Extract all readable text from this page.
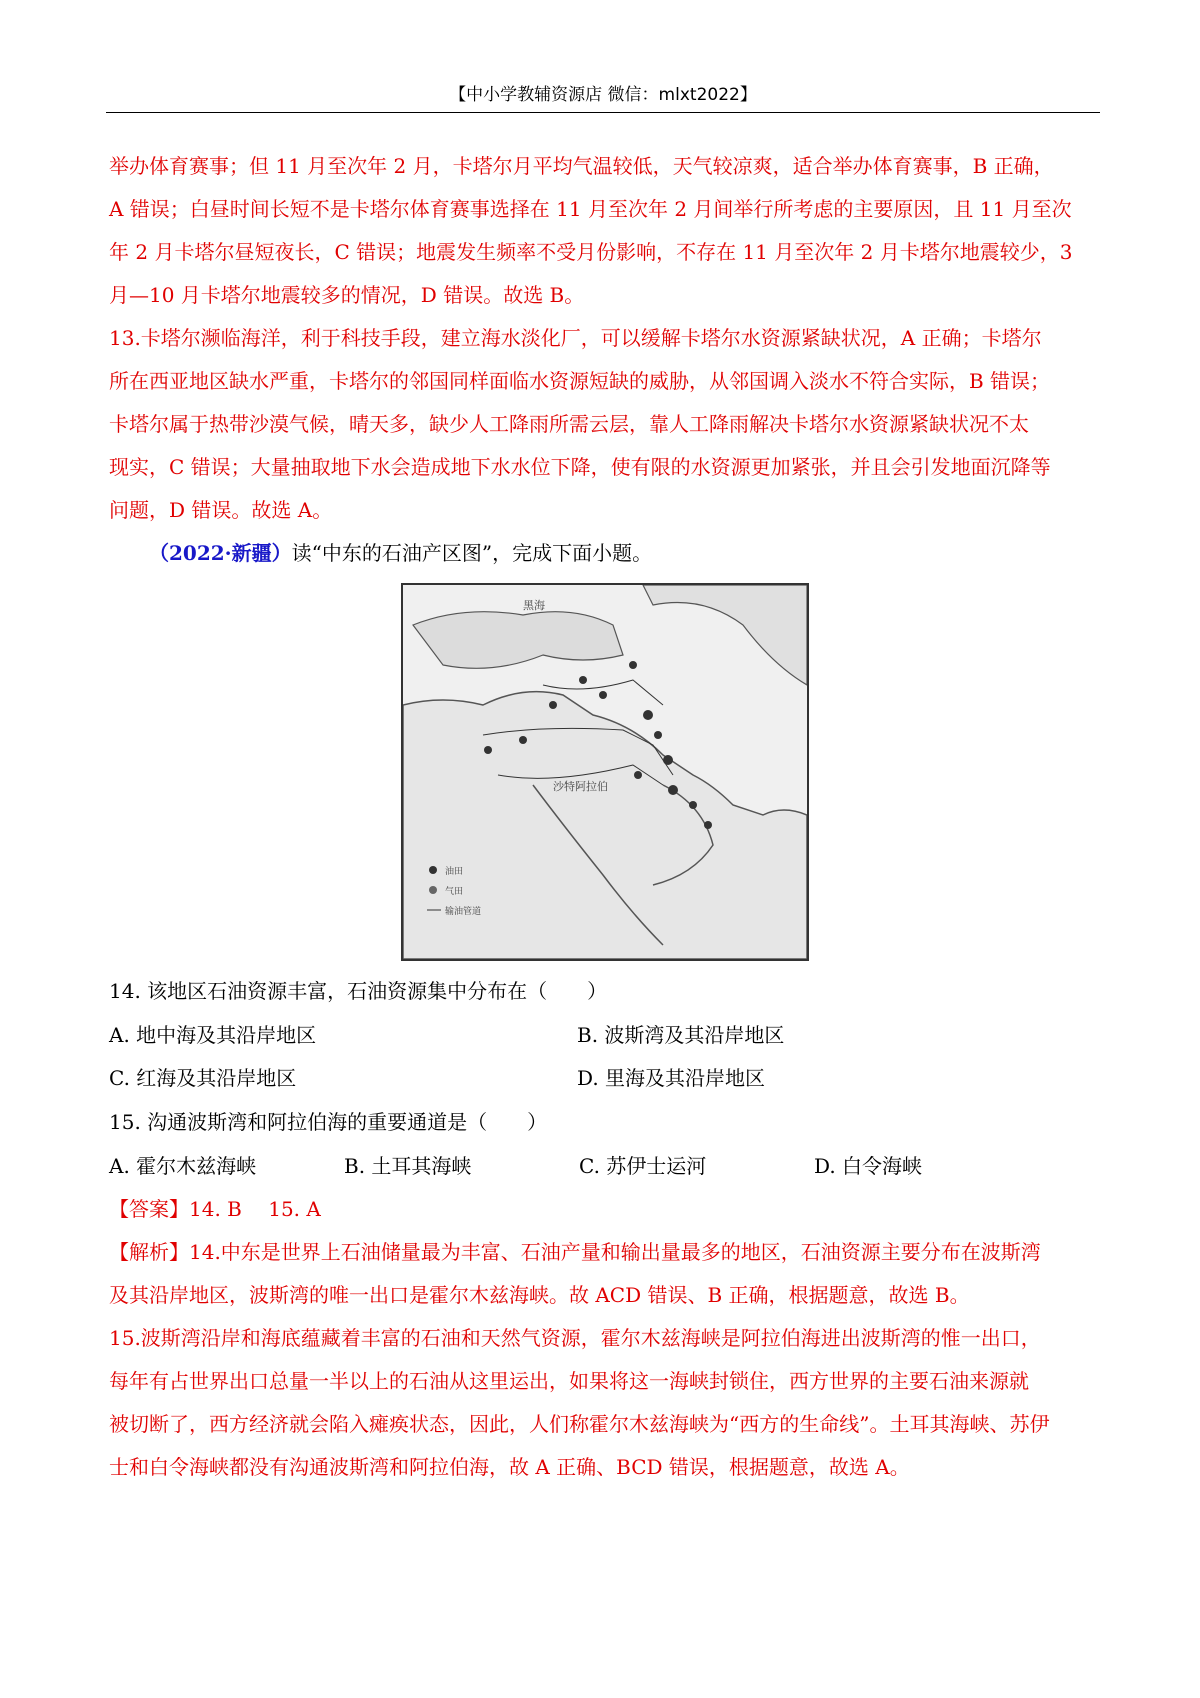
【中小学教辅资源店 微信：mlxt2022】

举办体育赛事；但 11 月至次年 2 月，卡塔尔月平均气温较低，天气较凉爽，适合举办体育赛事，B 正确，

A 错误；白昼时间长短不是卡塔尔体育赛事选择在 11 月至次年 2 月间举行所考虑的主要原因，且 11 月至次

年 2 月卡塔尔昼短夜长，C 错误；地震发生频率不受月份影响，不存在 11 月至次年 2 月卡塔尔地震较少，3

月—10 月卡塔尔地震较多的情况，D 错误。故选 B。

13.卡塔尔濒临海洋，利于科技手段，建立海水淡化厂，可以缓解卡塔尔水资源紧缺状况，A 正确；卡塔尔

所在西亚地区缺水严重，卡塔尔的邻国同样面临水资源短缺的威胁，从邻国调入淡水不符合实际，B 错误；

卡塔尔属于热带沙漠气候，晴天多，缺少人工降雨所需云层，靠人工降雨解决卡塔尔水资源紧缺状况不太

现实，C 错误；大量抽取地下水会造成地下水水位下降，使有限的水资源更加紧张，并且会引发地面沉降等

问题，D 错误。故选 A。

（2022·新疆）读“中东的石油产区图”，完成下面小题。

黑海
沙特阿拉伯
油田
气田
输油管道

14. 该地区石油资源丰富，石油资源集中分布在（　　）

A. 地中海及其沿岸地区	B. 波斯湾及其沿岸地区
C. 红海及其沿岸地区	D. 里海及其沿岸地区

15. 沟通波斯湾和阿拉伯海的重要通道是（　　）

A. 霍尔木兹海峡	B. 土耳其海峡	C. 苏伊士运河	D. 白令海峡

【答案】14. B　 15. A

【解析】14.中东是世界上石油储量最为丰富、石油产量和输出量最多的地区，石油资源主要分布在波斯湾

及其沿岸地区，波斯湾的唯一出口是霍尔木兹海峡。故 ACD 错误、B 正确，根据题意，故选 B。

15.波斯湾沿岸和海底蕴藏着丰富的石油和天然气资源，霍尔木兹海峡是阿拉伯海进出波斯湾的惟一出口，

每年有占世界出口总量一半以上的石油从这里运出，如果将这一海峡封锁住，西方世界的主要石油来源就

被切断了，西方经济就会陷入瘫痪状态，因此，人们称霍尔木兹海峡为“西方的生命线”。土耳其海峡、苏伊

士和白令海峡都没有沟通波斯湾和阿拉伯海，故 A 正确、BCD 错误，根据题意，故选 A。
